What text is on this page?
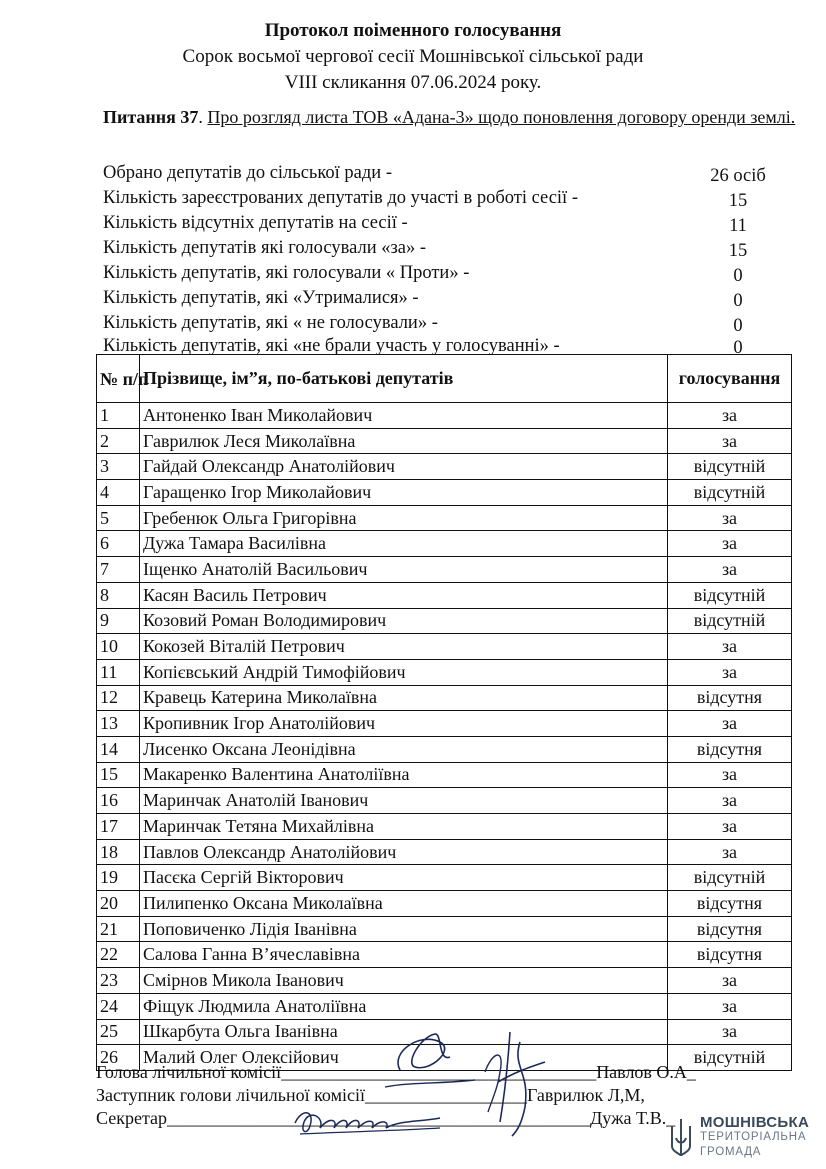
Протокол поіменного голосування
Сорок восьмої чергової сесії Мошнівської сільської ради
VIII скликання 07.06.2024 року.
Питання 37. Про розгляд листа ТОВ «Адана-3» щодо поновлення договору оренди землі.
Обрано депутатів до сільської ради -	26 осіб
Кількість зареєстрованих депутатів до участі в роботі сесії -	15
Кількість відсутніх депутатів на сесії -	11
Кількість депутатів які голосували «за» -	15
Кількість депутатів, які голосували « Проти» -	0
Кількість депутатів, які «Утрималися» -	0
Кількість депутатів, які « не голосували» -	0
Кількість депутатів, які «не брали участь у голосуванні» -	0
№ п/п	Прізвище, ім”я, по-батькові депутатів	голосування
1	Антоненко Іван Миколайович	за
2	Гаврилюк Леся Миколаївна	за
3	Гайдай Олександр Анатолійович	відсутній
4	Гаращенко Ігор Миколайович	відсутній
5	Гребенюк Ольга Григорівна	за
6	Дужа Тамара Василівна	за
7	Іщенко Анатолій Васильович	за
8	Касян Василь Петрович	відсутній
9	Козовий Роман Володимирович	відсутній
10	Кокозей Віталій Петрович	за
11	Копієвський Андрій Тимофійович	за
12	Кравець Катерина Миколаївна	відсутня
13	Кропивник Ігор Анатолійович	за
14	Лисенко Оксана Леонідівна	відсутня
15	Макаренко Валентина Анатоліївна	за
16	Маринчак Анатолій Іванович	за
17	Маринчак Тетяна Михайлівна	за
18	Павлов Олександр Анатолійович	за
19	Пасєка Сергій Вікторович	відсутній
20	Пилипенко Оксана Миколаївна	відсутня
21	Поповиченко Лідія Іванівна	відсутня
22	Салова Ганна В’ячеславівна	відсутня
23	Смірнов Микола Іванович	за
24	Фіщук Людмила Анатоліївна	за
25	Шкарбута Ольга Іванівна	за
26	Малий Олег Олексійович	відсутній
Голова лічильної комісії___________________________________Павлов О.А_
Заступник голови лічильної комісії__________________Гаврилюк Л,М,
Секретар_______________________________________________Дужа Т.В._ МОШНІВСЬКА
ТЕРИТОРІАЛЬНА
ГРОМАДА
